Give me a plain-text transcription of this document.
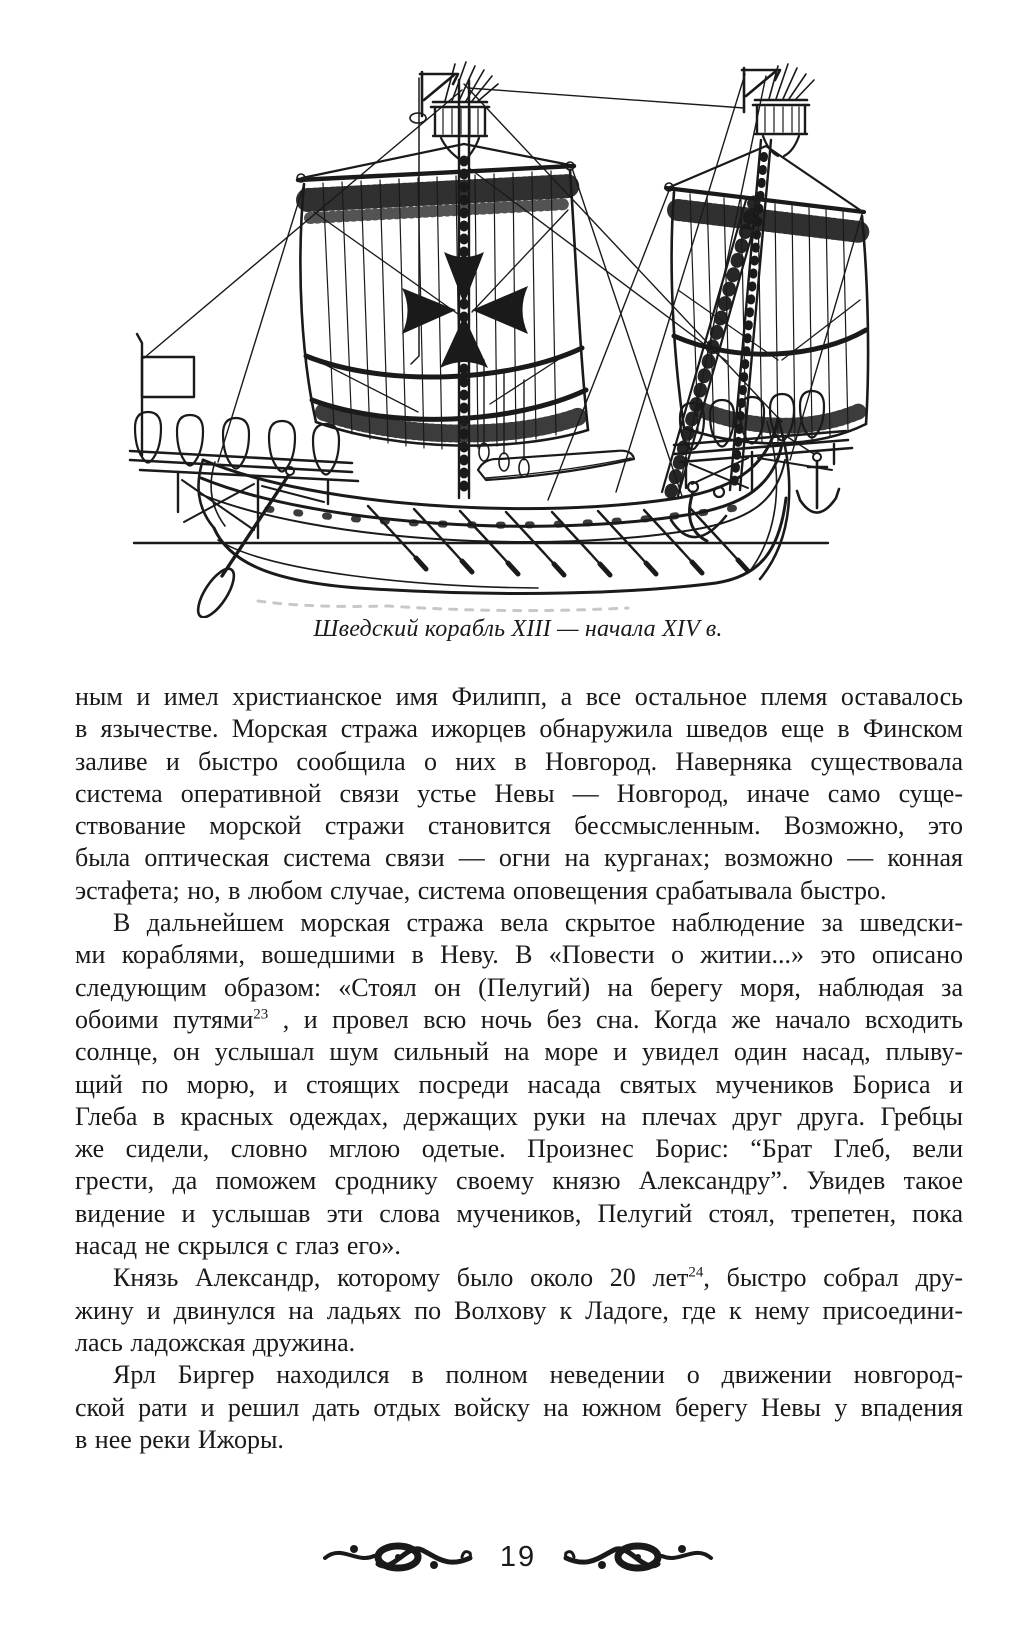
Шведский корабль XIII — начала XIV в.
ным и имел христианское имя Филипп, а все остальное племя оставалось
в язычестве. Морская стража ижорцев обнаружила шведов еще в Финском
заливе и быстро сообщила о них в Новгород. Наверняка существовала
система оперативной связи устье Невы — Новгород, иначе само суще-
ствование морской стражи становится бессмысленным. Возможно, это
была оптическая система связи — огни на курганах; возможно — конная
эстафета; но, в любом случае, система оповещения срабатывала быстро.
В дальнейшем морская стража вела скрытое наблюдение за шведски-
ми кораблями, вошедшими в Неву. В «Повести о житии...» это описано
следующим образом: «Стоял он (Пелугий) на берегу моря, наблюдая за
обоими путями$^{23}$ , и провел всю ночь без сна. Когда же начало всходить
солнце, он услышал шум сильный на море и увидел один насад, плыву-
щий по морю, и стоящих посреди насада святых мучеников Бориса и
Глеба в красных одеждах, держащих руки на плечах друг друга. Гребцы
же сидели, словно мглою одетые. Произнес Борис: “Брат Глеб, вели
грести, да поможем сроднику своему князю Александру”. Увидев такое
видение и услышав эти слова мучеников, Пелугий стоял, трепетен, пока
насад не скрылся с глаз его».
Князь Александр, которому было около 20 лет$^{24}$, быстро собрал дру-
жину и двинулся на ладьях по Волхову к Ладоге, где к нему присоедини-
лась ладожская дружина.
Ярл Биргер находился в полном неведении о движении новгород-
ской рати и решил дать отдых войску на южном берегу Невы у впадения
в нее реки Ижоры.
19
